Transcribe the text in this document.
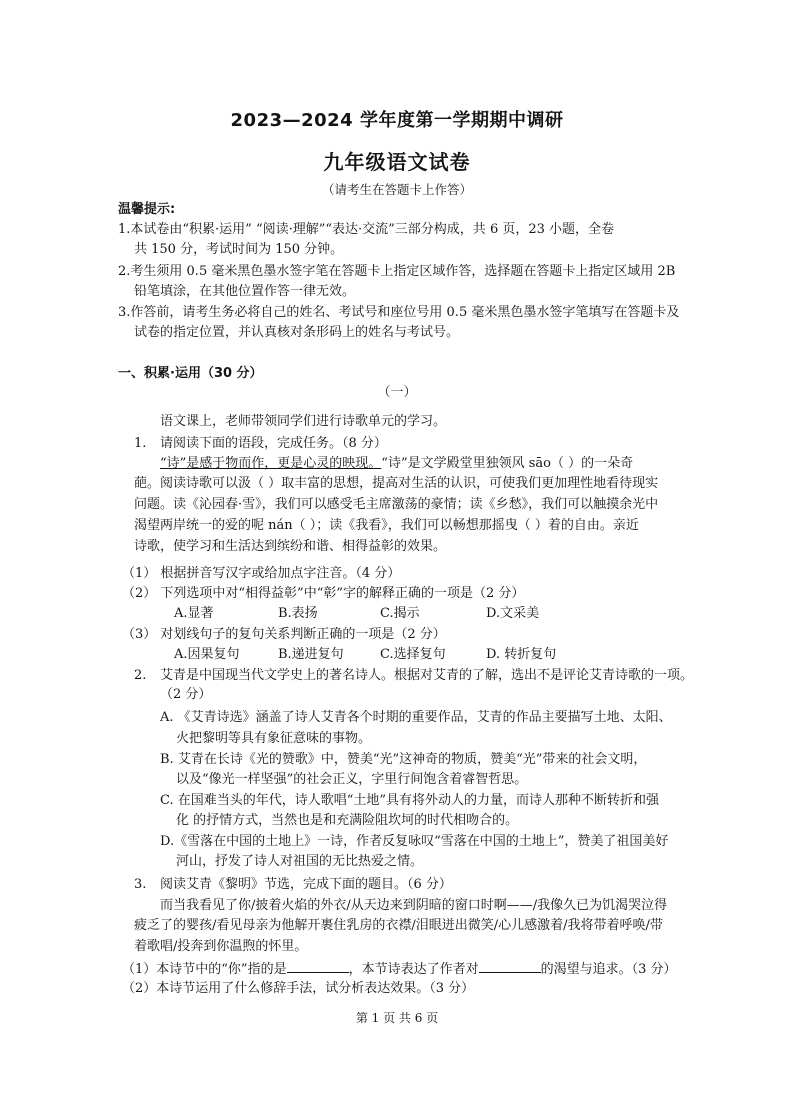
2023—2024 学年度第一学期期中调研
九年级语文试卷
（请考生在答题卡上作答）
温馨提示:
1.本试卷由“积累·运用” “阅读·理解”“表达·交流”三部分构成，共 6 页，23 小题，全卷
共 150 分，考试时间为 150 分钟。
2.考生须用 0.5 毫米黑色墨水签字笔在答题卡上指定区域作答，选择题在答题卡上指定区域用 2B
铅笔填涂，在其他位置作答一律无效。
3.作答前，请考生务必将自己的姓名、考试号和座位号用 0.5 毫米黑色墨水签字笔填写在答题卡及
试卷的指定位置，并认真核对条形码上的姓名与考试号。
一、积累·运用（30 分）
（一）
语文课上，老师带领同学们进行诗歌单元的学习。
1. 请阅读下面的语段，完成任务。（8 分）
“诗”是感于物而作，更是心灵的映现。“诗”是文学殿堂里独领风 sāo（ ）的一朵奇
葩。阅读诗歌可以汲（ ）取丰富的思想，提高对生活的认识，可使我们更加理性地看待现实
问题。读《沁园春·雪》，我们可以感受毛主席激荡的豪情；读《乡愁》，我们可以触摸余光中
渴望两岸统一的爱的呢 nán（ ）；读《我看》，我们可以畅想那摇曳（ ）着的自由。亲近
诗歌，使学习和生活达到缤纷和谐、相得益彰的效果。
（1） 根据拼音写汉字或给加点字注音。（4 分）
（2） 下列选项中对“相得益彰”中“彰”字的解释正确的一项是（2 分）
A.显著	B.表扬	C.揭示	D.文采美
（3） 对划线句子的复句关系判断正确的一项是（2 分）
A.因果复句	B.递进复句	C.选择复句	D. 转折复句
2. 艾青是中国现当代文学史上的著名诗人。根据对艾青的了解，选出不是评论艾青诗歌的一项。
（2 分）
A. 《艾青诗选》涵盖了诗人艾青各个时期的重要作品，艾青的作品主要描写土地、太阳、
火把黎明等具有象征意味的事物。
B. 艾青在长诗《光的赞歌》中，赞美“光”这神奇的物质，赞美“光”带来的社会文明，
以及“像光一样坚强”的社会正义，字里行间饱含着睿智哲思。
C. 在国难当头的年代，诗人歌唱“土地”具有将外动人的力量，而诗人那种不断转折和强
化 的抒情方式，当然也是和充满险阻坎坷的时代相吻合的。
D.《雪落在中国的土地上》一诗，作者反复咏叹“雪落在中国的土地上”，赞美了祖国美好
河山，抒发了诗人对祖国的无比热爱之情。
3. 阅读艾青《黎明》节选，完成下面的题目。（6 分）
而当我看见了你/披着火焰的外衣/从天边来到阴暗的窗口时啊——/我像久已为饥渴哭泣得
疲乏了的婴孩/看见母亲为他解开裹住乳房的衣襟/泪眼迸出微笑/心儿感激着/我将带着呼唤/带
着歌唱/投奔到你温煦的怀里。
（1）本诗节中的“你”指的是	，本节诗表达了作者对	的渴望与追求。（3 分）
（2）本诗节运用了什么修辞手法，试分析表达效果。（3 分）
第 1 页 共 6 页
